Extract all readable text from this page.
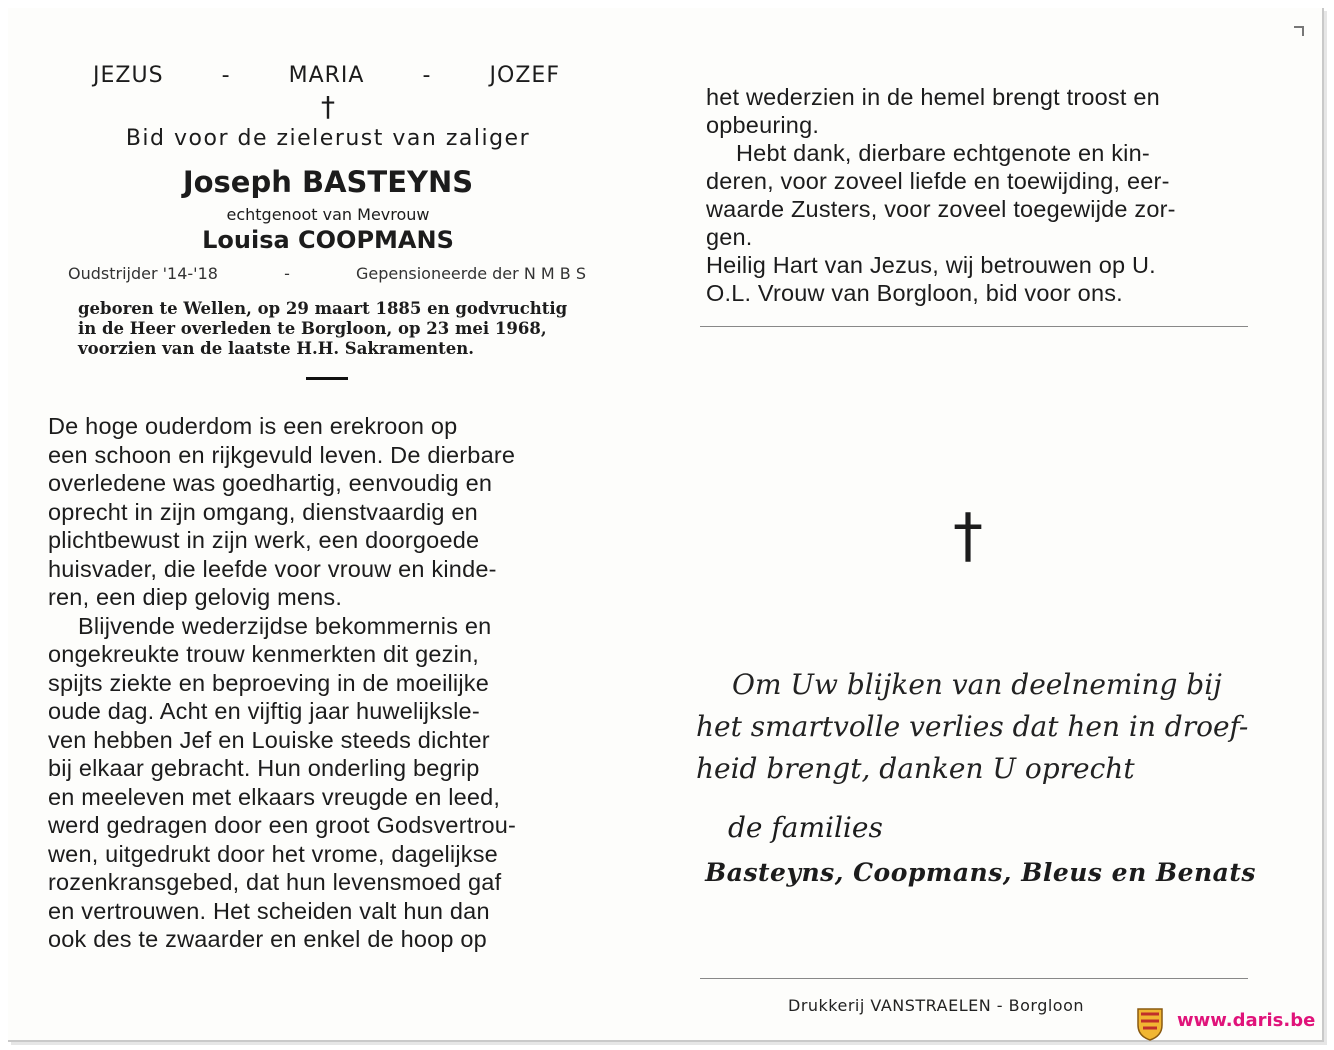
JEZUS	-	MARIA	-	JOZEF
†
Bid voor de zielerust van zaliger
Joseph BASTEYNS
echtgenoot van Mevrouw
Louisa COOPMANS
Oudstrijder '14-'18	-	Gepensioneerde der N M B S
geboren te Wellen, op 29 maart 1885 en godvruchtig
in de Heer overleden te Borgloon, op 23 mei 1968,
voorzien van de laatste H.H. Sakramenten.

De hoge ouderdom is een erekroon op

een schoon en rijkgevuld leven. De dierbare

overledene was goedhartig, eenvoudig en

oprecht in zijn omgang, dienstvaardig en

plichtbewust in zijn werk, een doorgoede

huisvader, die leefde voor vrouw en kinde-

ren, een diep gelovig mens.

Blijvende wederzijdse bekommernis en

ongekreukte trouw kenmerkten dit gezin,

spijts ziekte en beproeving in de moeilijke

oude dag. Acht en vijftig jaar huwelijksle-

ven hebben Jef en Louiske steeds dichter

bij elkaar gebracht. Hun onderling begrip

en meeleven met elkaars vreugde en leed,

werd gedragen door een groot Godsvertrou-

wen, uitgedrukt door het vrome, dagelijkse

rozenkransgebed, dat hun levensmoed gaf

en vertrouwen. Het scheiden valt hun dan

ook des te zwaarder en enkel de hoop op

het wederzien in de hemel brengt troost en

opbeuring.

Hebt dank, dierbare echtgenote en kin-

deren, voor zoveel liefde en toewijding, eer-

waarde Zusters, voor zoveel toegewijde zor-

gen.

Heilig Hart van Jezus, wij betrouwen op U.

O.L. Vrouw van Borgloon, bid voor ons.

†
Om Uw blijken van deelneming bij
het smartvolle verlies dat hen in droef-
heid brengt, danken U oprecht
de families
Basteyns, Coopmans, Bleus en Benats
Drukkerij VANSTRAELEN - Borgloon
www.daris.be
